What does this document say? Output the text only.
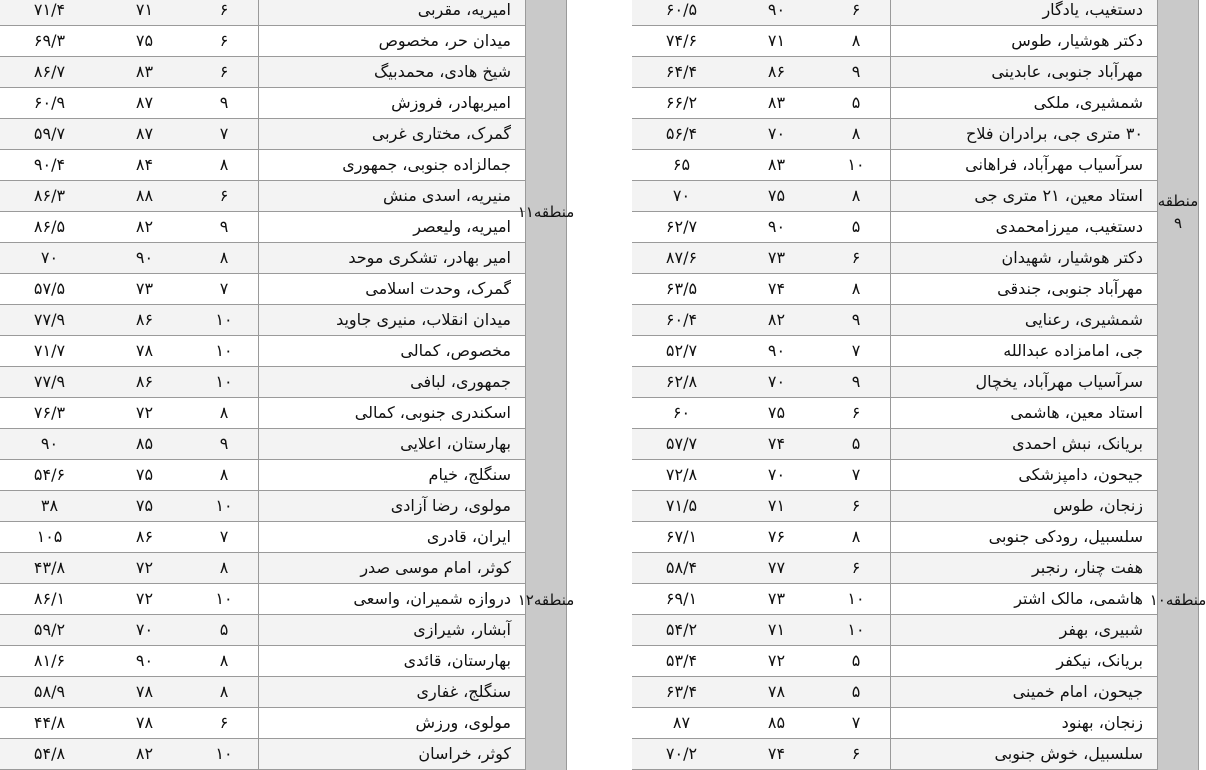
۷۱/۴	۷۱	۶	امیریه، مقربی
۶۹/۳	۷۵	۶	میدان حر، مخصوص
۸۶/۷	۸۳	۶	شیخ هادی، محمدبیگ
۶۰/۹	۸۷	۹	امیربهادر، فروزش
۵۹/۷	۸۷	۷	گمرک، مختاری غربی
۹۰/۴	۸۴	۸	جمالزاده جنوبی، جمهوری
۸۶/۳	۸۸	۶	منیریه، اسدی منش
۸۶/۵	۸۲	۹	امیریه، ولیعصر
۷۰	۹۰	۸	امیر بهادر، تشکری موحد
۵۷/۵	۷۳	۷	گمرک، وحدت اسلامی
۷۷/۹	۸۶	۱۰	میدان انقلاب، منیری جاوید
۷۱/۷	۷۸	۱۰	مخصوص، کمالی
۷۷/۹	۸۶	۱۰	جمهوری، لبافی
۷۶/۳	۷۲	۸	اسکندری جنوبی، کمالی
منطقه
۱۱
۹۰	۸۵	۹	بهارستان، اعلایی
۵۴/۶	۷۵	۸	سنگلج، خیام
۳۸	۷۵	۱۰	مولوی، رضا آزادی
۱۰۵	۸۶	۷	ایران، قادری
۴۳/۸	۷۲	۸	کوثر، امام موسی صدر
۸۶/۱	۷۲	۱۰	دروازه شمیران، واسعی
۵۹/۲	۷۰	۵	آبشار، شیرازی
۸۱/۶	۹۰	۸	بهارستان، قائدی
۵۸/۹	۷۸	۸	سنگلج، غفاری
۴۴/۸	۷۸	۶	مولوی، ورزش
۵۴/۸	۸۲	۱۰	کوثر، خراسان
منطقه
۱۲
۶۰/۵	۹۰	۶	دستغیب، یادگار
۷۴/۶	۷۱	۸	دکتر هوشیار، طوس
۶۴/۴	۸۶	۹	مهرآباد جنوبی، عابدینی
۶۶/۲	۸۳	۵	شمشیری، ملکی
۵۶/۴	۷۰	۸	۳۰ متری جی، برادران فلاح
۶۵	۸۳	۱۰	سرآسیاب مهرآباد، فراهانی
۷۰	۷۵	۸	استاد معین، ۲۱ متری جی
۶۲/۷	۹۰	۵	دستغیب، میرزامحمدی
۸۷/۶	۷۳	۶	دکتر هوشیار، شهیدان
۶۳/۵	۷۴	۸	مهرآباد جنوبی، جندقی
۶۰/۴	۸۲	۹	شمشیری، رعنایی
۵۲/۷	۹۰	۷	جی، امامزاده عبدالله
۶۲/۸	۷۰	۹	سرآسیاب مهرآباد، یخچال
۶۰	۷۵	۶	استاد معین، هاشمی
منطقه ۹
۵۷/۷	۷۴	۵	بریانک، نبش احمدی
۷۲/۸	۷۰	۷	جیحون، دامپزشکی
۷۱/۵	۷۱	۶	زنجان، طوس
۶۷/۱	۷۶	۸	سلسبیل، رودکی جنوبی
۵۸/۴	۷۷	۶	هفت چنار، رنجبر
۶۹/۱	۷۳	۱۰	هاشمی، مالک اشتر
۵۴/۲	۷۱	۱۰	شبیری، بهفر
۵۳/۴	۷۲	۵	بریانک، نیکفر
۶۳/۴	۷۸	۵	جیحون، امام خمینی
۸۷	۸۵	۷	زنجان، بهنود
۷۰/۲	۷۴	۶	سلسبیل، خوش جنوبی
منطقه
۱۰
